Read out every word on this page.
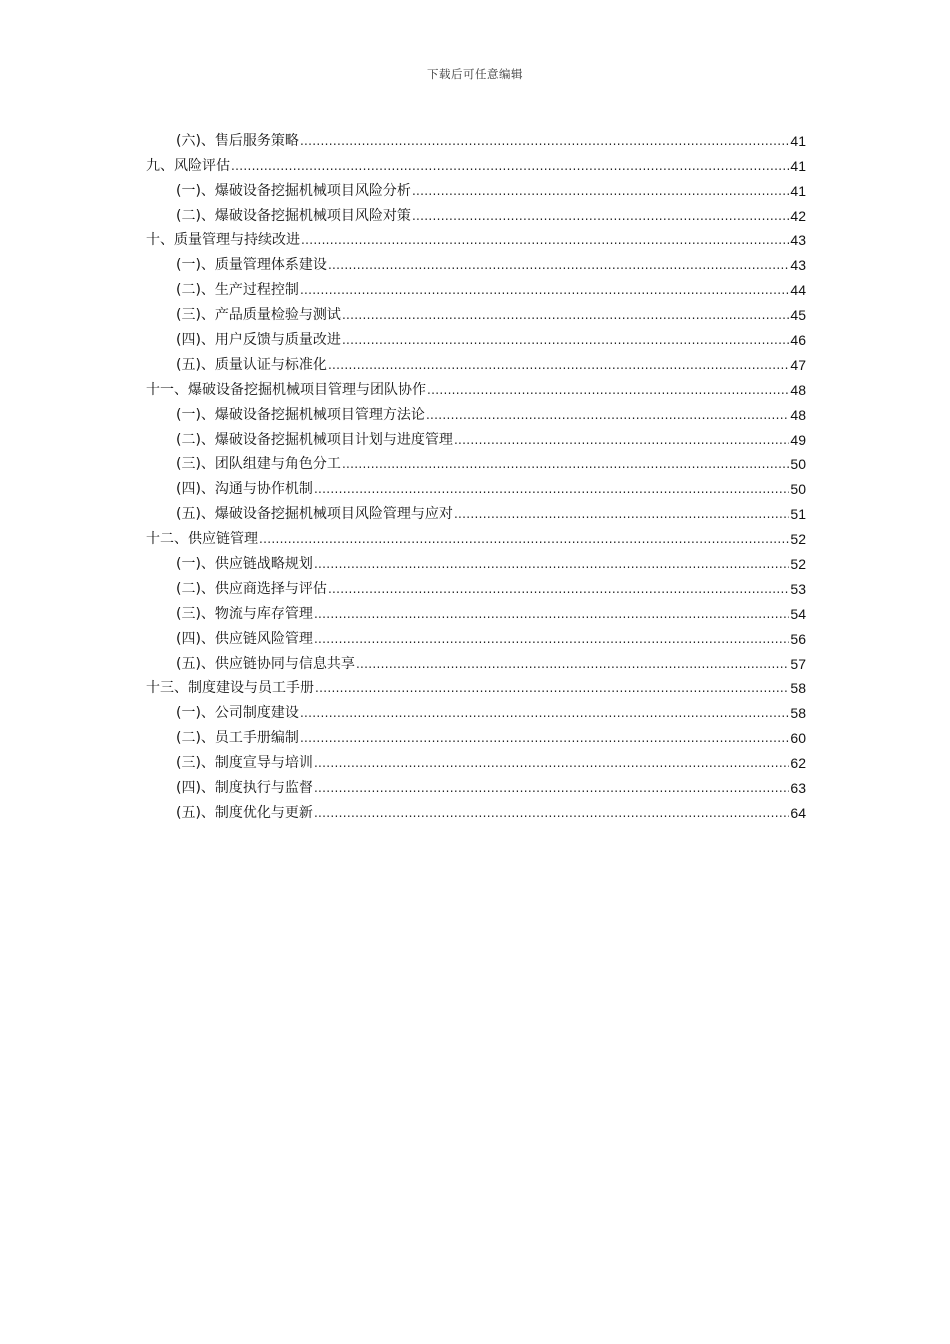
下载后可任意编辑
(六)、售后服务策略 .....	41
九、风险评估 .....	41
(一)、爆破设备挖掘机械项目风险分析 .....	41
(二)、爆破设备挖掘机械项目风险对策 .....	42
十、质量管理与持续改进 .....	43
(一)、质量管理体系建设 .....	43
(二)、生产过程控制 .....	44
(三)、产品质量检验与测试 .....	45
(四)、用户反馈与质量改进 .....	46
(五)、质量认证与标准化 .....	47
十一、爆破设备挖掘机械项目管理与团队协作 .....	48
(一)、爆破设备挖掘机械项目管理方法论 .....	48
(二)、爆破设备挖掘机械项目计划与进度管理 .....	49
(三)、团队组建与角色分工 .....	50
(四)、沟通与协作机制 .....	50
(五)、爆破设备挖掘机械项目风险管理与应对 .....	51
十二、供应链管理 .....	52
(一)、供应链战略规划 .....	52
(二)、供应商选择与评估 .....	53
(三)、物流与库存管理 .....	54
(四)、供应链风险管理 .....	56
(五)、供应链协同与信息共享 .....	57
十三、制度建设与员工手册 .....	58
(一)、公司制度建设 .....	58
(二)、员工手册编制 .....	60
(三)、制度宣导与培训 .....	62
(四)、制度执行与监督 .....	63
(五)、制度优化与更新 .....	64
